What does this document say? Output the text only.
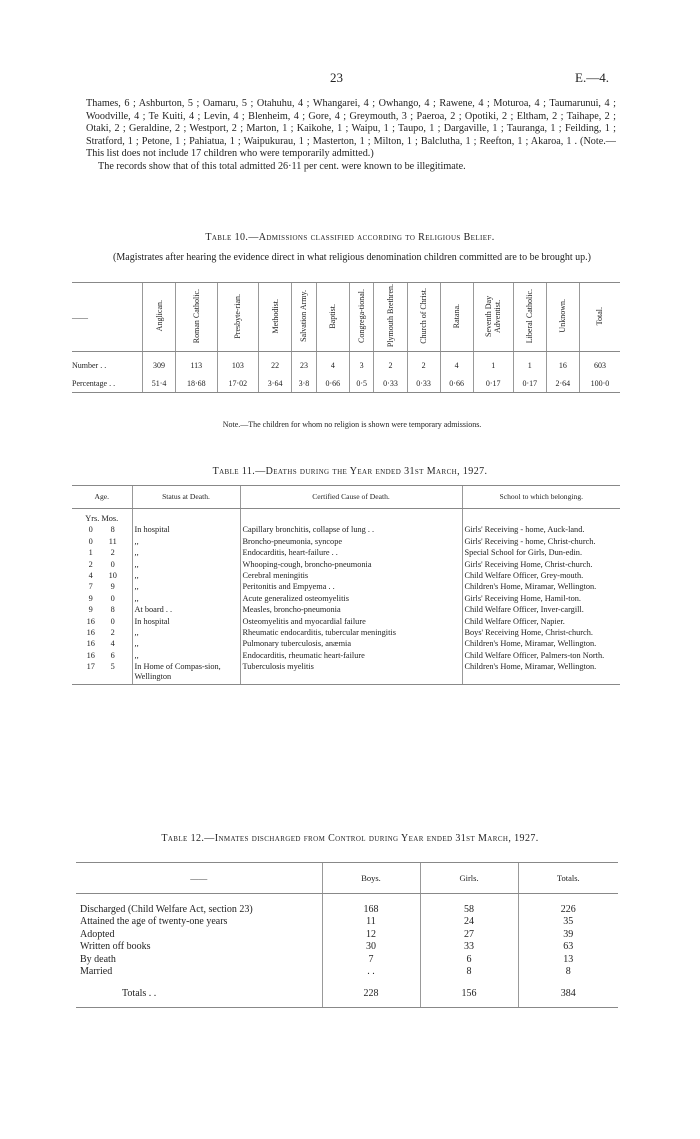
23	E.—4.

Thames, 6 ; Ashburton, 5 ; Oamaru, 5 ; Otahuhu, 4 ; Whangarei, 4 ; Owhango, 4 ; Rawene, 4 ; Moturoa, 4 ; Taumarunui, 4 ; Woodville, 4 ; Te Kuiti, 4 ; Levin, 4 ; Blenheim, 4 ; Gore, 4 ; Greymouth, 3 ; Paeroa, 2 ; Opotiki, 2 ; Eltham, 2 ; Taihape, 2 ; Otaki, 2 ; Geraldine, 2 ; Westport, 2 ; Marton, 1 ; Kaikohe, 1 ; Waipu, 1 ; Taupo, 1 ; Dargaville, 1 ; Tauranga, 1 ; Feilding, 1 ; Stratford, 1 ; Petone, 1 ; Pahiatua, 1 ; Waipukurau, 1 ; Masterton, 1 ; Milton, 1 ; Balclutha, 1 ; Reefton, 1 ; Akaroa, 1 . (Note.—This list does not include 17 children who were temporarily admitted.)

The records show that of this total admitted 26·11 per cent. were known to be illegitimate.

Table 10.—Admissions classified according to Religious Belief.
(Magistrates after hearing the evidence direct in what religious denomination children committed are to be brought up.)
——	Anglican.	Roman Catholic.	Presbyte-rian.	Methodist.	Salvation Army.	Baptist.	Congrega-tional.	Plymouth Brethren.	Church of Christ.	Ratana.	Seventh Day Adventist.	Liberal Catholic.	Unknown.	Total.
Number . .	309	113	103	22	23	4	3	2	2	4	1	1	16	603
Percentage . .	51·4	18·68	17·02	3·64	3·8	0·66	0·5	0·33	0·33	0·66	0·17	0·17	2·64	100·0
Note.—The children for whom no religion is shown were temporary admissions.
Table 11.—Deaths during the Year ended 31st March, 1927.
Age.	Status at Death.	Certified Cause of Death.	School to which belonging.
Yrs. Mos.			
0 8	In hospital	Capillary bronchitis, collapse of lung . .	Girls' Receiving - home, Auck-land.
0 11	,,	Broncho-pneumonia, syncope	Girls' Receiving - home, Christ-church.
1 2	,,	Endocarditis, heart-failure . .	Special School for Girls, Dun-edin.
2 0	,,	Whooping-cough, broncho-pneumonia	Girls' Receiving Home, Christ-church.
4 10	,,	Cerebral meningitis	Child Welfare Officer, Grey-mouth.
7 9	,,	Peritonitis and Empyema . .	Children's Home, Miramar, Wellington.
9 0	,,	Acute generalized osteomyelitis	Girls' Receiving Home, Hamil-ton.
9 8	At board . .	Measles, broncho-pneumonia	Child Welfare Officer, Inver-cargill.
16 0	In hospital	Osteomyelitis and myocardial failure	Child Welfare Officer, Napier.
16 2	,,	Rheumatic endocarditis, tubercular meningitis	Boys' Receiving Home, Christ-church.
16 4	,,	Pulmonary tuberculosis, anæmia	Children's Home, Miramar, Wellington.
16 6	,,	Endocarditis, rheumatic heart-failure	Child Welfare Officer, Palmers-ton North.
17 5	In Home of Compas-sion, Wellington	Tuberculosis myelitis	Children's Home, Miramar, Wellington.
Table 12.—Inmates discharged from Control during Year ended 31st March, 1927.
——	Boys.	Girls.	Totals.

Discharged (Child Welfare Act, section 23)	168	58	226
Attained the age of twenty-one years	11	24	35
Adopted	12	27	39
Written off books	30	33	63
By death	7	6	13
Married	. .	8	8
Totals . .	228	156	384
